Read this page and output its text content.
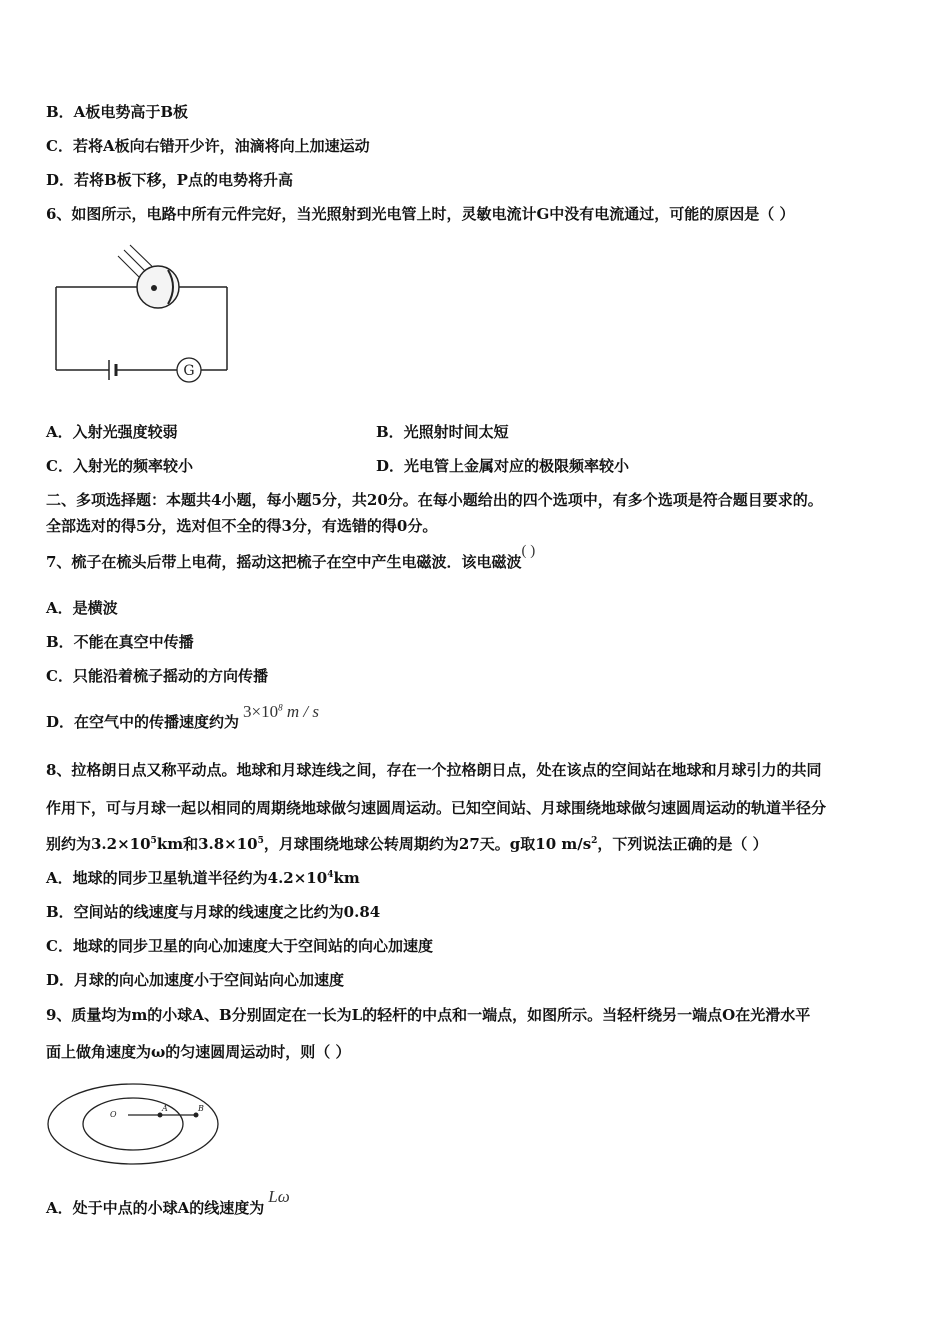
B．A板电势高于B板
C．若将A板向右错开少许，油滴将向上加速运动
D．若将B板下移，P点的电势将升高
6、如图所示，电路中所有元件完好，当光照射到光电管上时，灵敏电流计G中没有电流通过，可能的原因是（ ）
G
A．入射光强度较弱	B．光照射时间太短
C．入射光的频率较小	D．光电管上金属对应的极限频率较小
二、多项选择题：本题共4小题，每小题5分，共20分。在每小题给出的四个选项中，有多个选项是符合题目要求的。
全部选对的得5分，选对但不全的得3分，有选错的得0分。
7、梳子在梳头后带上电荷，摇动这把梳子在空中产生电磁波．该电磁波( )
A．是横波
B．不能在真空中传播
C．只能沿着梳子摇动的方向传播
D．在空气中的传播速度约为$3\times 10^8$ m / s
8、拉格朗日点又称平动点。地球和月球连线之间，存在一个拉格朗日点，处在该点的空间站在地球和月球引力的共同
作用下，可与月球一起以相同的周期绕地球做匀速圆周运动。已知空间站、月球围绕地球做匀速圆周运动的轨道半径分
别约为$3.2\times 10^5km$和$3.8\times 10^5$，月球围绕地球公转周期约为27天。g取10 $m/s^2$，下列说法正确的是（ ）
A．地球的同步卫星轨道半径约为$4.2\times 10^4km$
B．空间站的线速度与月球的线速度之比约为0.84
C．地球的同步卫星的向心加速度大于空间站的向心加速度
D．月球的向心加速度小于空间站向心加速度
9、质量均为m的小球A、B分别固定在一长为L的轻杆的中点和一端点，如图所示。当轻杆绕另一端点O在光滑水平
面上做角速度为ω的匀速圆周运动时，则（ ）
O
A	B
A．处于中点的小球A的线速度为Lω
